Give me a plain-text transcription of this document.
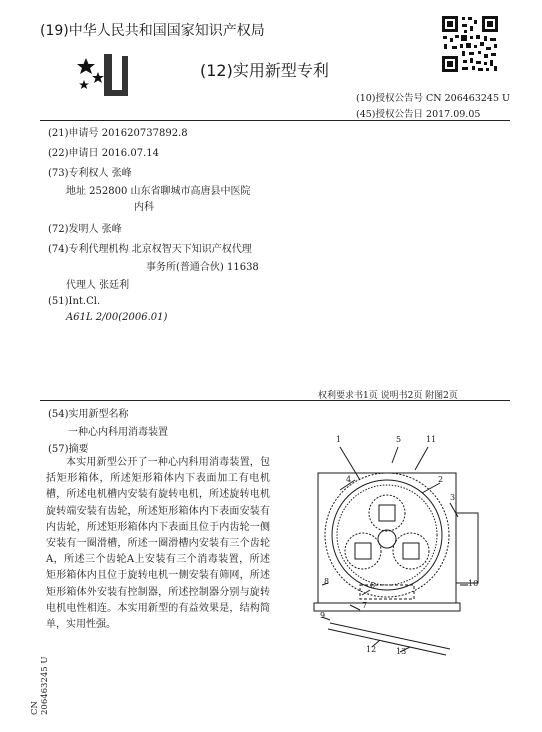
(19)中华人民共和国国家知识产权局
(12)实用新型专利
(10)授权公告号 CN 206463245 U
(45)授权公告日 2017.09.05
(21)申请号 201620737892.8
(22)申请日 2016.07.14
(73)专利权人 张峰
地址 252800 山东省聊城市高唐县中医院
内科
(72)发明人 张峰
(74)专利代理机构 北京权智天下知识产权代理
事务所(普通合伙) 11638
代理人 张廷利
(51)Int.Cl.
A61L 2/00(2006.01)
权利要求书1页 说明书2页 附图2页
(54)实用新型名称
一种心内科用消毒装置
(57)摘要
本实用新型公开了一种心内科用消毒装置，包括矩形箱体，所述矩形箱体内下表面加工有电机槽，所述电机槽内安装有旋转电机，所述旋转电机旋转端安装有齿轮，所述矩形箱体内下表面安装有内齿轮，所述矩形箱体内下表面且位于内齿轮一侧安装有一圈滑槽，所述一圈滑槽内安装有三个齿轮A，所述三个齿轮A上安装有三个消毒装置，所述矩形箱体内且位于旋转电机一侧安装有筛网，所述矩形箱体外安装有控制器，所述控制器分别与旋转电机电性相连。本实用新型的有益效果是，结构简单，实用性强。
1	5	11
4	2
3
8	10
6
7
9
12 13
CN 206463245 U
